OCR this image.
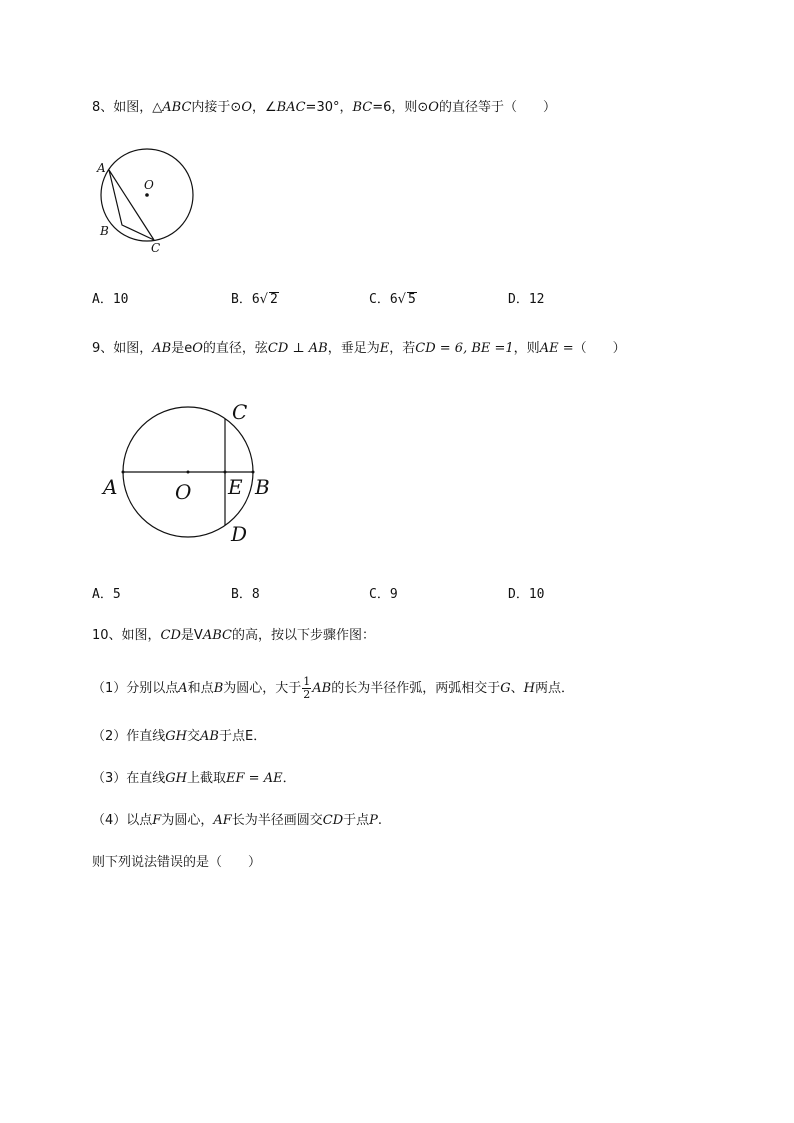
8、如图，△ABC内接于⊙O，∠BAC=30°，BC=6，则⊙O的直径等于（　　）
A
O
B
C
A．10	B．6√ 2	C．6√ 5	D．12
9、如图，AB是eO的直径，弦CD ⊥ AB，垂足为E，若CD = 6, BE =1，则AE =（　　）
C
A	O E B
D
A．5	B．8	C．9	D．10
10、如图，CD是VABC的高，按以下步骤作图：
（1）分别以点A和点B为圆心，大于 $\frac{1}{2}$ AB的长为半径作弧，两弧相交于G、H两点．
（2）作直线GH交AB于点E．
（3）在直线GH上截取EF = AE．
（4）以点F为圆心，AF长为半径画圆交CD于点P.
则下列说法错误的是（　　）
